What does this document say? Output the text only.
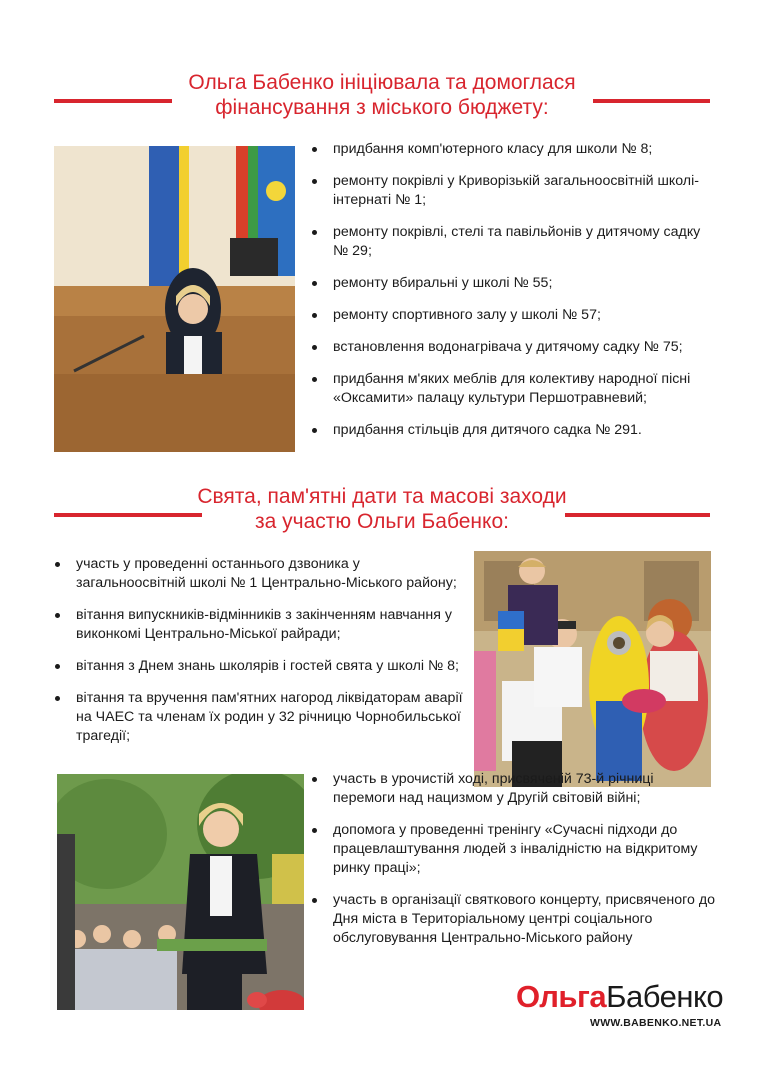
Ольга Бабенко ініціювала та домоглася
фінансування з міського бюджету:
придбання комп'ютерного класу для школи № 8;
ремонту покрівлі у Криворізькій загальноосвітній школі-інтернаті № 1;
ремонту покрівлі, стелі та павільйонів у дитячому садку № 29;
ремонту вбиральні у школі № 55;
ремонту спортивного залу у школі № 57;
встановлення водонагрівача у дитячому садку № 75;
придбання м'яких меблів для колективу народної пісні «Оксамити» палацу культури Першотравневий;
придбання стільців для дитячого садка № 291.
Свята, пам'ятні дати та масові заходи
за участю Ольги Бабенко:
участь у проведенні останнього дзвоника у загальноосвітній школі № 1 Центрально-Міського району;
вітання випускників-відмінників з закінченням навчання у виконкомі Центрально-Міської райради;
вітання з Днем знань школярів і гостей свята у школі № 8;
вітання та вручення пам'ятних нагород ліквідаторам аварії на ЧАЕС та членам їх родин у 32 річницю Чорнобильської трагедії;
участь в урочистій ході, присвяченій 73-й річниці перемоги над нацизмом у Другій світовій війні;
допомога у проведенні тренінгу «Сучасні підходи до працевлаштування людей з інвалідністю на відкритому ринку праці»;
участь в організації святкового концерту, присвяченого до Дня міста в Територіальному центрі соціального обслуговування Центрально-Міського району
ОльгаБабенко
WWW.BABENKO.NET.UA
